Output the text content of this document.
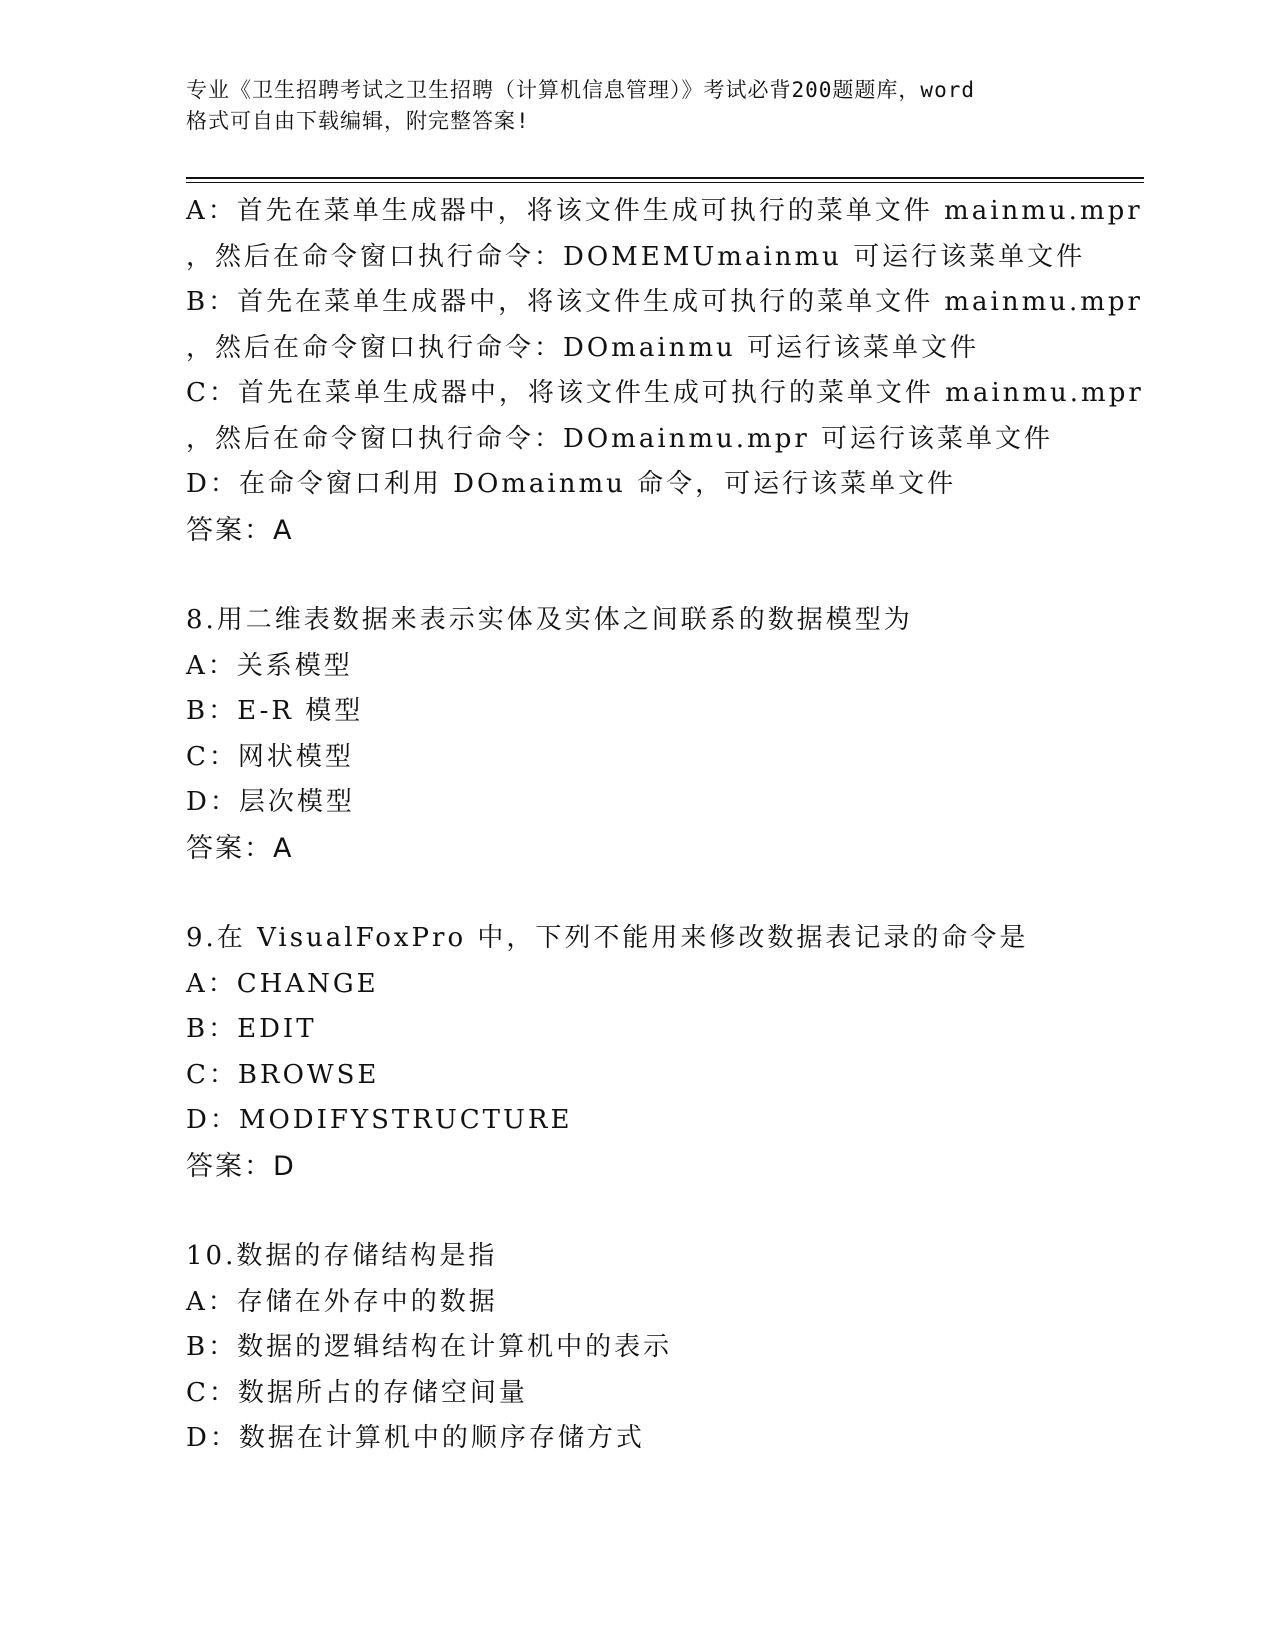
专业《卫生招聘考试之卫生招聘（计算机信息管理）》考试必背200题题库，word
格式可自由下载编辑，附完整答案!
A：首先在菜单生成器中，将该文件生成可执行的菜单文件 mainmu.mpr
，然后在命令窗口执行命令：DOMEMUmainmu 可运行该菜单文件
B：首先在菜单生成器中，将该文件生成可执行的菜单文件 mainmu.mpr
，然后在命令窗口执行命令：DOmainmu 可运行该菜单文件
C：首先在菜单生成器中，将该文件生成可执行的菜单文件 mainmu.mpr
，然后在命令窗口执行命令：DOmainmu.mpr 可运行该菜单文件
D：在命令窗口利用 DOmainmu 命令，可运行该菜单文件
答案：A
8.用二维表数据来表示实体及实体之间联系的数据模型为
A：关系模型
B：E-R 模型
C：网状模型
D：层次模型
答案：A
9.在 VisualFoxPro 中，下列不能用来修改数据表记录的命令是
A：CHANGE
B：EDIT
C：BROWSE
D：MODIFYSTRUCTURE
答案：D
10.数据的存储结构是指
A：存储在外存中的数据
B：数据的逻辑结构在计算机中的表示
C：数据所占的存储空间量
D：数据在计算机中的顺序存储方式
